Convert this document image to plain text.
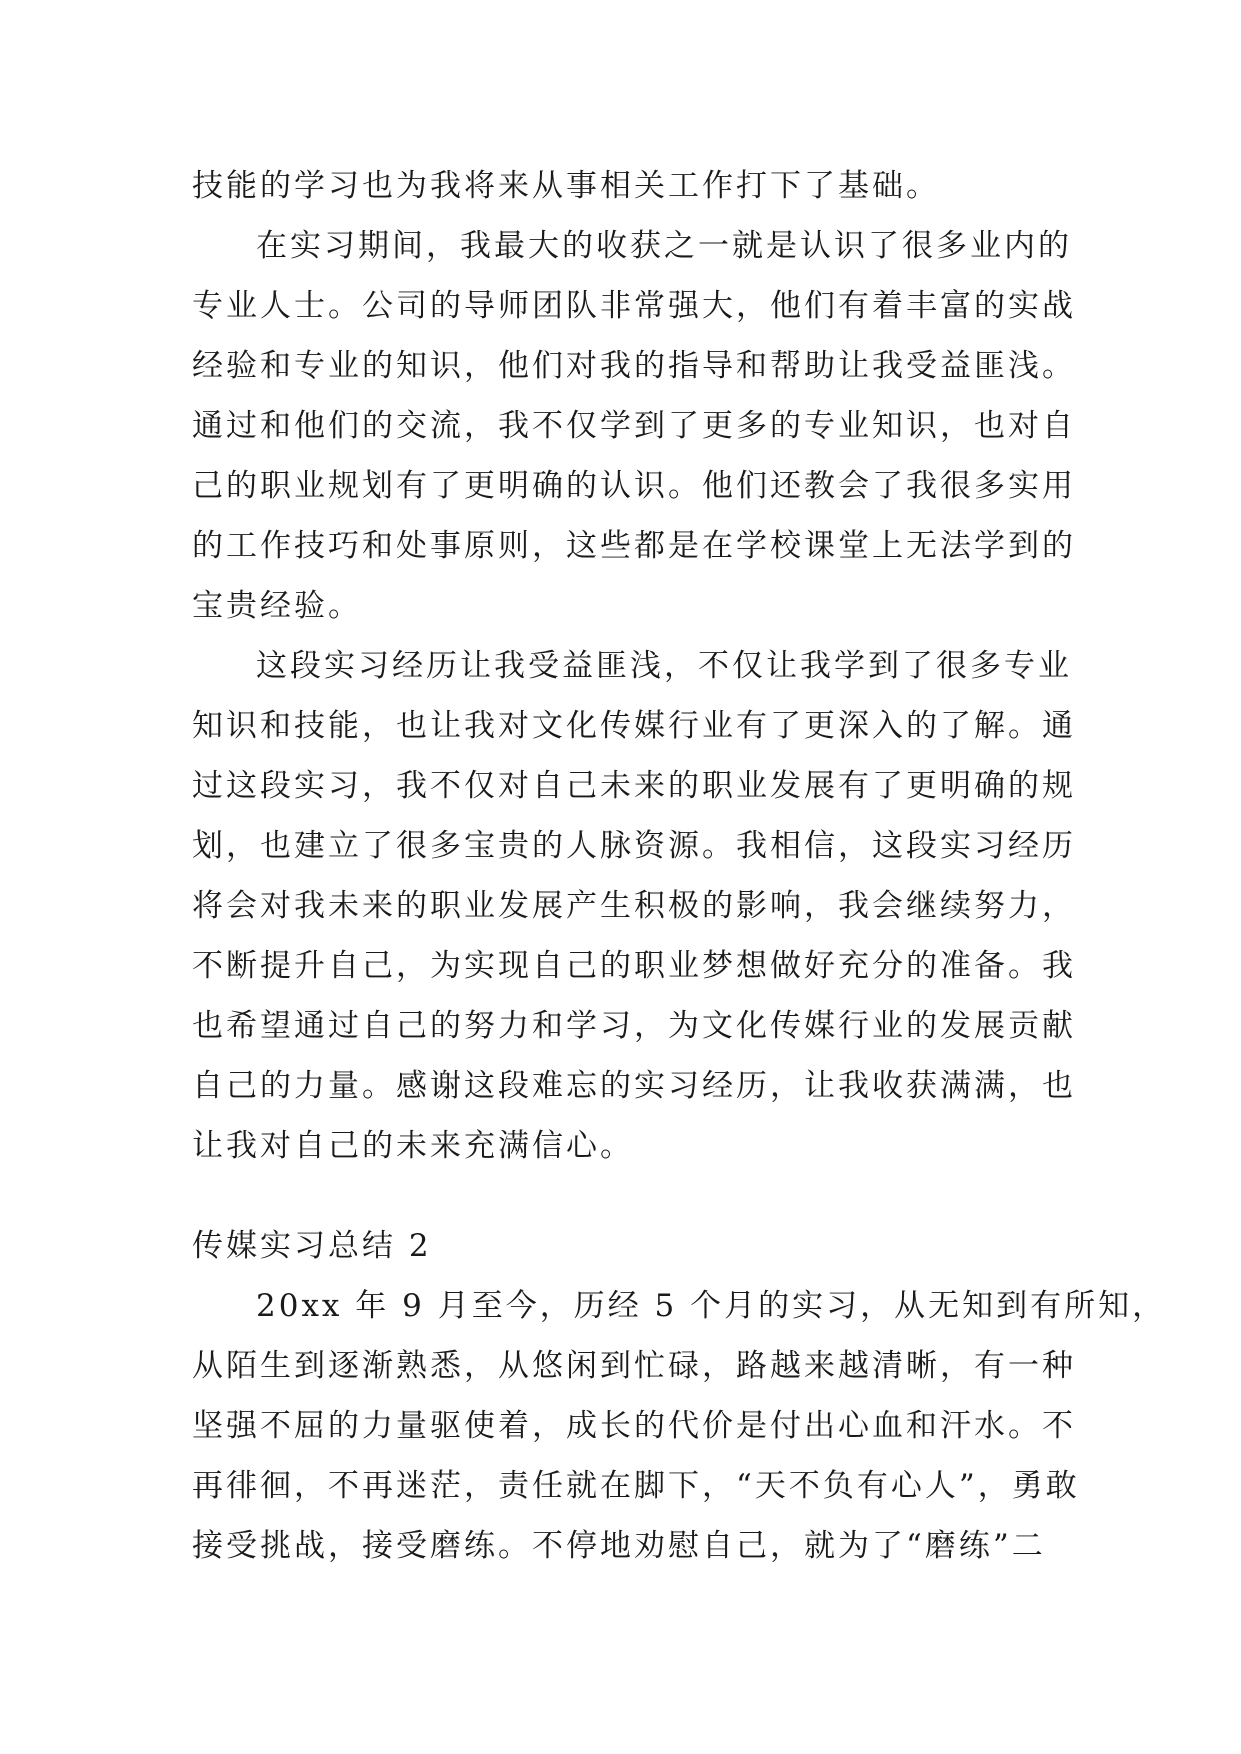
技能的学习也为我将来从事相关工作打下了基础。
在实习期间，我最大的收获之一就是认识了很多业内的
专业人士。公司的导师团队非常强大，他们有着丰富的实战
经验和专业的知识，他们对我的指导和帮助让我受益匪浅。
通过和他们的交流，我不仅学到了更多的专业知识，也对自
己的职业规划有了更明确的认识。他们还教会了我很多实用
的工作技巧和处事原则，这些都是在学校课堂上无法学到的
宝贵经验。
这段实习经历让我受益匪浅，不仅让我学到了很多专业
知识和技能，也让我对文化传媒行业有了更深入的了解。通
过这段实习，我不仅对自己未来的职业发展有了更明确的规
划，也建立了很多宝贵的人脉资源。我相信，这段实习经历
将会对我未来的职业发展产生积极的影响，我会继续努力，
不断提升自己，为实现自己的职业梦想做好充分的准备。我
也希望通过自己的努力和学习，为文化传媒行业的发展贡献
自己的力量。感谢这段难忘的实习经历，让我收获满满，也
让我对自己的未来充满信心。
传媒实习总结 2
20xx 年 9 月至今，历经 5 个月的实习，从无知到有所知，
从陌生到逐渐熟悉，从悠闲到忙碌，路越来越清晰，有一种
坚强不屈的力量驱使着，成长的代价是付出心血和汗水。不
再徘徊，不再迷茫，责任就在脚下，“天不负有心人”，勇敢
接受挑战，接受磨练。不停地劝慰自己，就为了“磨练”二
